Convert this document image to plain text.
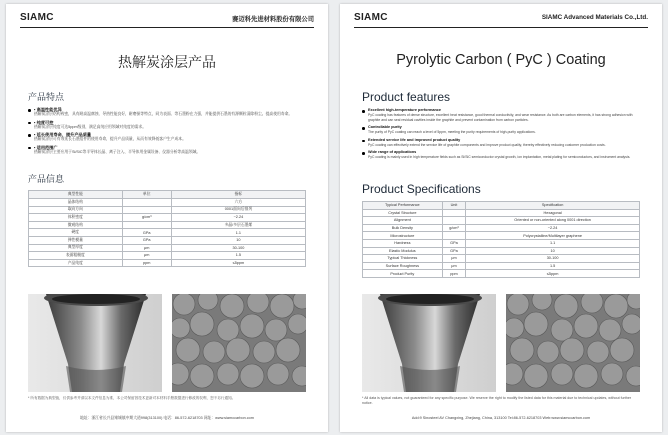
SIAMC	赛迈科先进材料股份有限公司
热解炭涂层产品
产品特点
▪ 高温性能优异
热解炭涂层结构致密，具有耐高温腐蚀、导热性能良好，耐磨损等特点，同为表面、等石墨粉在力强，并能提供石墨的有源颗粒清除粉尘。提高使用寿命。
▪ 纯度可控
热解炭涂层纯度可达5ppm级别，满足高纯应用领域对纯度的需求。
▪ 延长使用寿命，提升产品质量
热解炭涂层可有效延长石墨组件的使用寿命，提升产品质量，从而有效降低客户生产成本。
▪ 适用范围广
热解炭涂层主要应用于Si/SiC等半导体长晶、离子注入、半导体用金属设备、仪器分析等高温领域。
产品信息
典型性能	单位	指标
晶体结构		六方
取向方向		0001面向后排列
体积密度	g/cm³	~2.24
微观结构		多晶/多层石墨烯
硬度	GPa	1.1
弹性模量	GPa	10
典型厚度	μm	30-100
表面粗糙度	μm	1.5
产品纯度	ppm	≤5ppm
* 所有数据为典型值，仅供参考并请以本文件信息为准，本公司保留因技术更新对本材料手册数据进行修改的权利，恕不另行通知。
地址：浙江省长兴县雉城镇中期大道998(313100) 电话：86-572-6218703 网址：www.siamccarbon.com
SIAMC	SIAMC Advanced Materials Co.,Ltd.
Pyrolytic Carbon ( PyC ) Coating
Product features
Excellent high-temperature performance
PyC coating has features of dense structure, excellent heat resistance, good thermal conductivity, and wear resistance. As both are carbon elements, it has strong adhesion with graphite and can seal residual cavities inside the graphite and prevent contamination from carbon particles.
Controllable purity
The purity of PyC coating can reach a level of 5ppm, meeting the purity requirements of high-purity applications.
Extended service life and improved product quality
PyC coating can effectively extend the service life of graphite components and improve product quality, thereby effectively reducing customer production costs.
Wide range of applications
PyC coating is mainly used in high temperature fields such as Si/SiC semiconductor crystal growth, ion implantation, metal plating for semiconductors, and instrument analysis.
Product Specifications
Typical Performance	Unit	Specification
Crystal Structure		Hexagonal
Alignment		Oriented or non-oriented along 0001 direction
Bulk Density	g/cm³	~2.24
Microstructure		Polycrystalline/Multilayer graphene
Hardness	GPa	1.1
Elastic Modulus	GPa	10
Typical Thickness	μm	30-100
Surface Roughness	μm	1.5
Product Purity	ppm	≤5ppm
* All data is typical values, not guaranteed for any specific purpose. We reserve the right to modify the listed data for this material due to technical updates, without further notice.
Add:9 Sinosteel AV Changxing, Zhejiang, China, 313100 Tel:86-572-6218703 Web:www.siamccarbon.com
